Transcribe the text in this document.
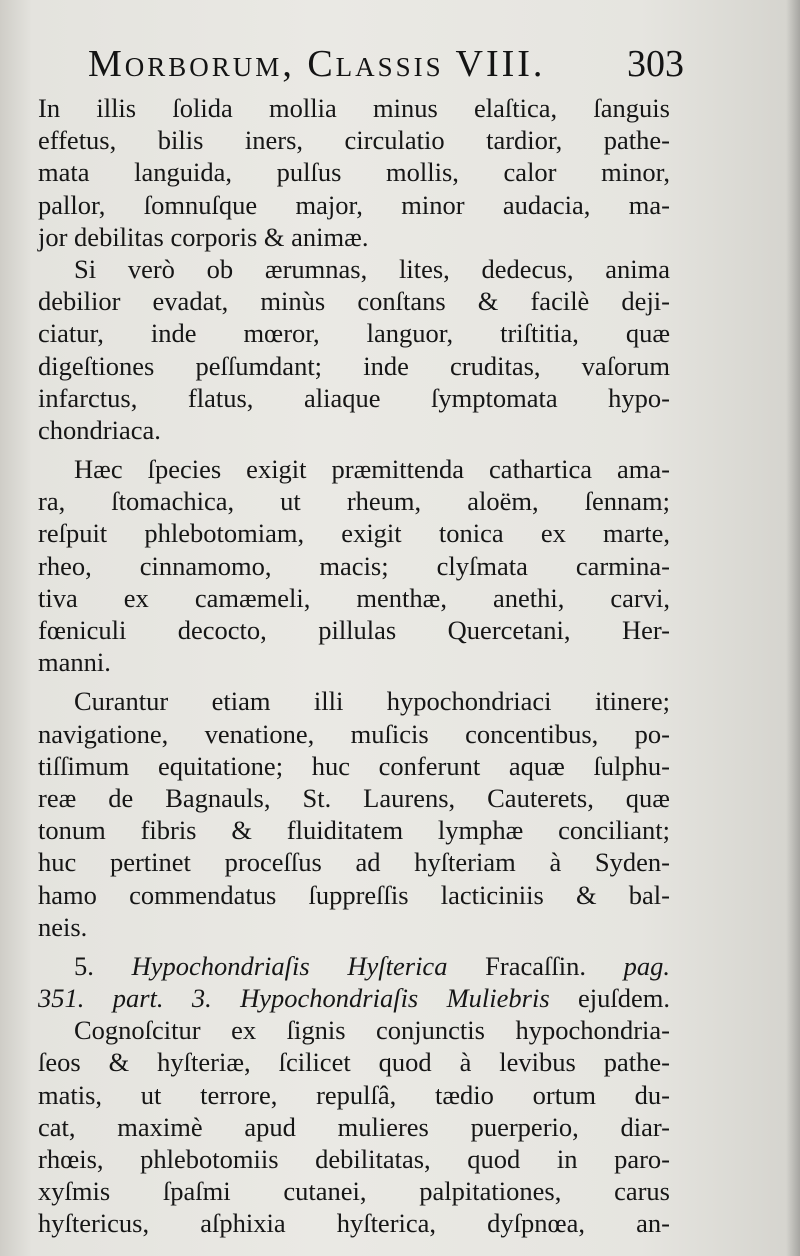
Morborum, Classis VIII. 303
In illis ſolida mollia minus elaſtica, ſanguis
effetus, bilis iners, circulatio tardior, pathe-
mata languida, pulſus mollis, calor minor,
pallor, ſomnuſque major, minor audacia, ma-
jor debilitas corporis & animæ.
Si verò ob ærumnas, lites, dedecus, anima
debilior evadat, minùs conſtans & facilè deji-
ciatur, inde mœror, languor, triſtitia, quæ
digeſtiones peſſumdant; inde cruditas, vaſorum
infarctus, flatus, aliaque ſymptomata hypo-
chondriaca.
Hæc ſpecies exigit præmittenda cathartica ama-
ra, ſtomachica, ut rheum, aloëm, ſennam;
reſpuit phlebotomiam, exigit tonica ex marte,
rheo, cinnamomo, macis; clyſmata carmina-
tiva ex camæmeli, menthæ, anethi, carvi,
fœniculi decocto, pillulas Quercetani, Her-
manni.
Curantur etiam illi hypochondriaci itinere;
navigatione, venatione, muſicis concentibus, po-
tiſſimum equitatione; huc conferunt aquæ ſulphu-
reæ de Bagnauls, St. Laurens, Cauterets, quæ
tonum fibris & fluiditatem lymphæ conciliant;
huc pertinet proceſſus ad hyſteriam à Syden-
hamo commendatus ſuppreſſis lacticiniis & bal-
neis.
5. Hypochondriaſis Hyſterica Fracaſſin. pag.
351. part. 3. Hypochondriaſis Muliebris ejuſdem.
Cognoſcitur ex ſignis conjunctis hypochondria-
ſeos & hyſteriæ, ſcilicet quod à levibus pathe-
matis, ut terrore, repulſâ, tædio ortum du-
cat, maximè apud mulieres puerperio, diar-
rhœis, phlebotomiis debilitatas, quod in paro-
xyſmis ſpaſmi cutanei, palpitationes, carus
hyſtericus, aſphixia hyſterica, dyſpnœa, an-
